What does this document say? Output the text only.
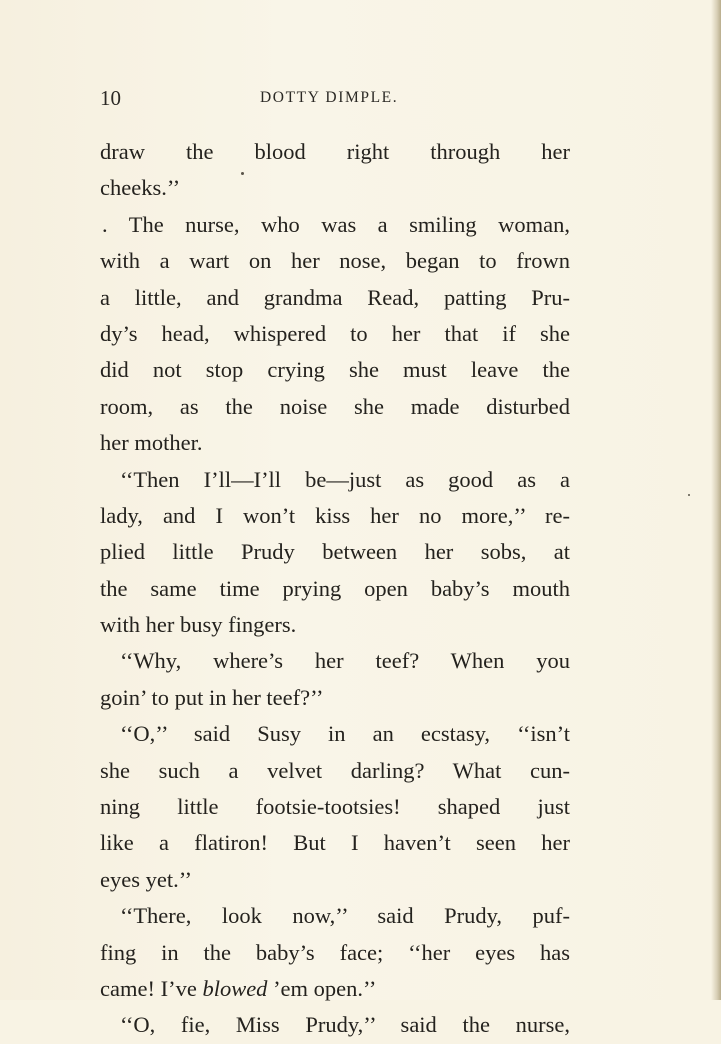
10	DOTTY DIMPLE.
draw the blood right through her
cheeks.’’
. The nurse, who was a smiling woman,
with a wart on her nose, began to frown
a little, and grandma Read, patting Pru-
dy’s head, whispered to her that if she
did not stop crying she must leave the
room, as the noise she made disturbed
her mother.
‘‘Then I’ll—I’ll be—just as good as a
lady, and I won’t kiss her no more,’’ re-
plied little Prudy between her sobs, at
the same time prying open baby’s mouth
with her busy fingers.
‘‘Why, where’s her teef? When you
goin’ to put in her teef?’’
‘‘O,’’ said Susy in an ecstasy, ‘‘isn’t
she such a velvet darling? What cun-
ning little footsie-tootsies! shaped just
like a flatiron! But I haven’t seen her
eyes yet.’’
‘‘There, look now,’’ said Prudy, puf-
fing in the baby’s face; ‘‘her eyes has
came! I’ve blowed ’em open.’’
‘‘O, fie, Miss Prudy,’’ said the nurse,
